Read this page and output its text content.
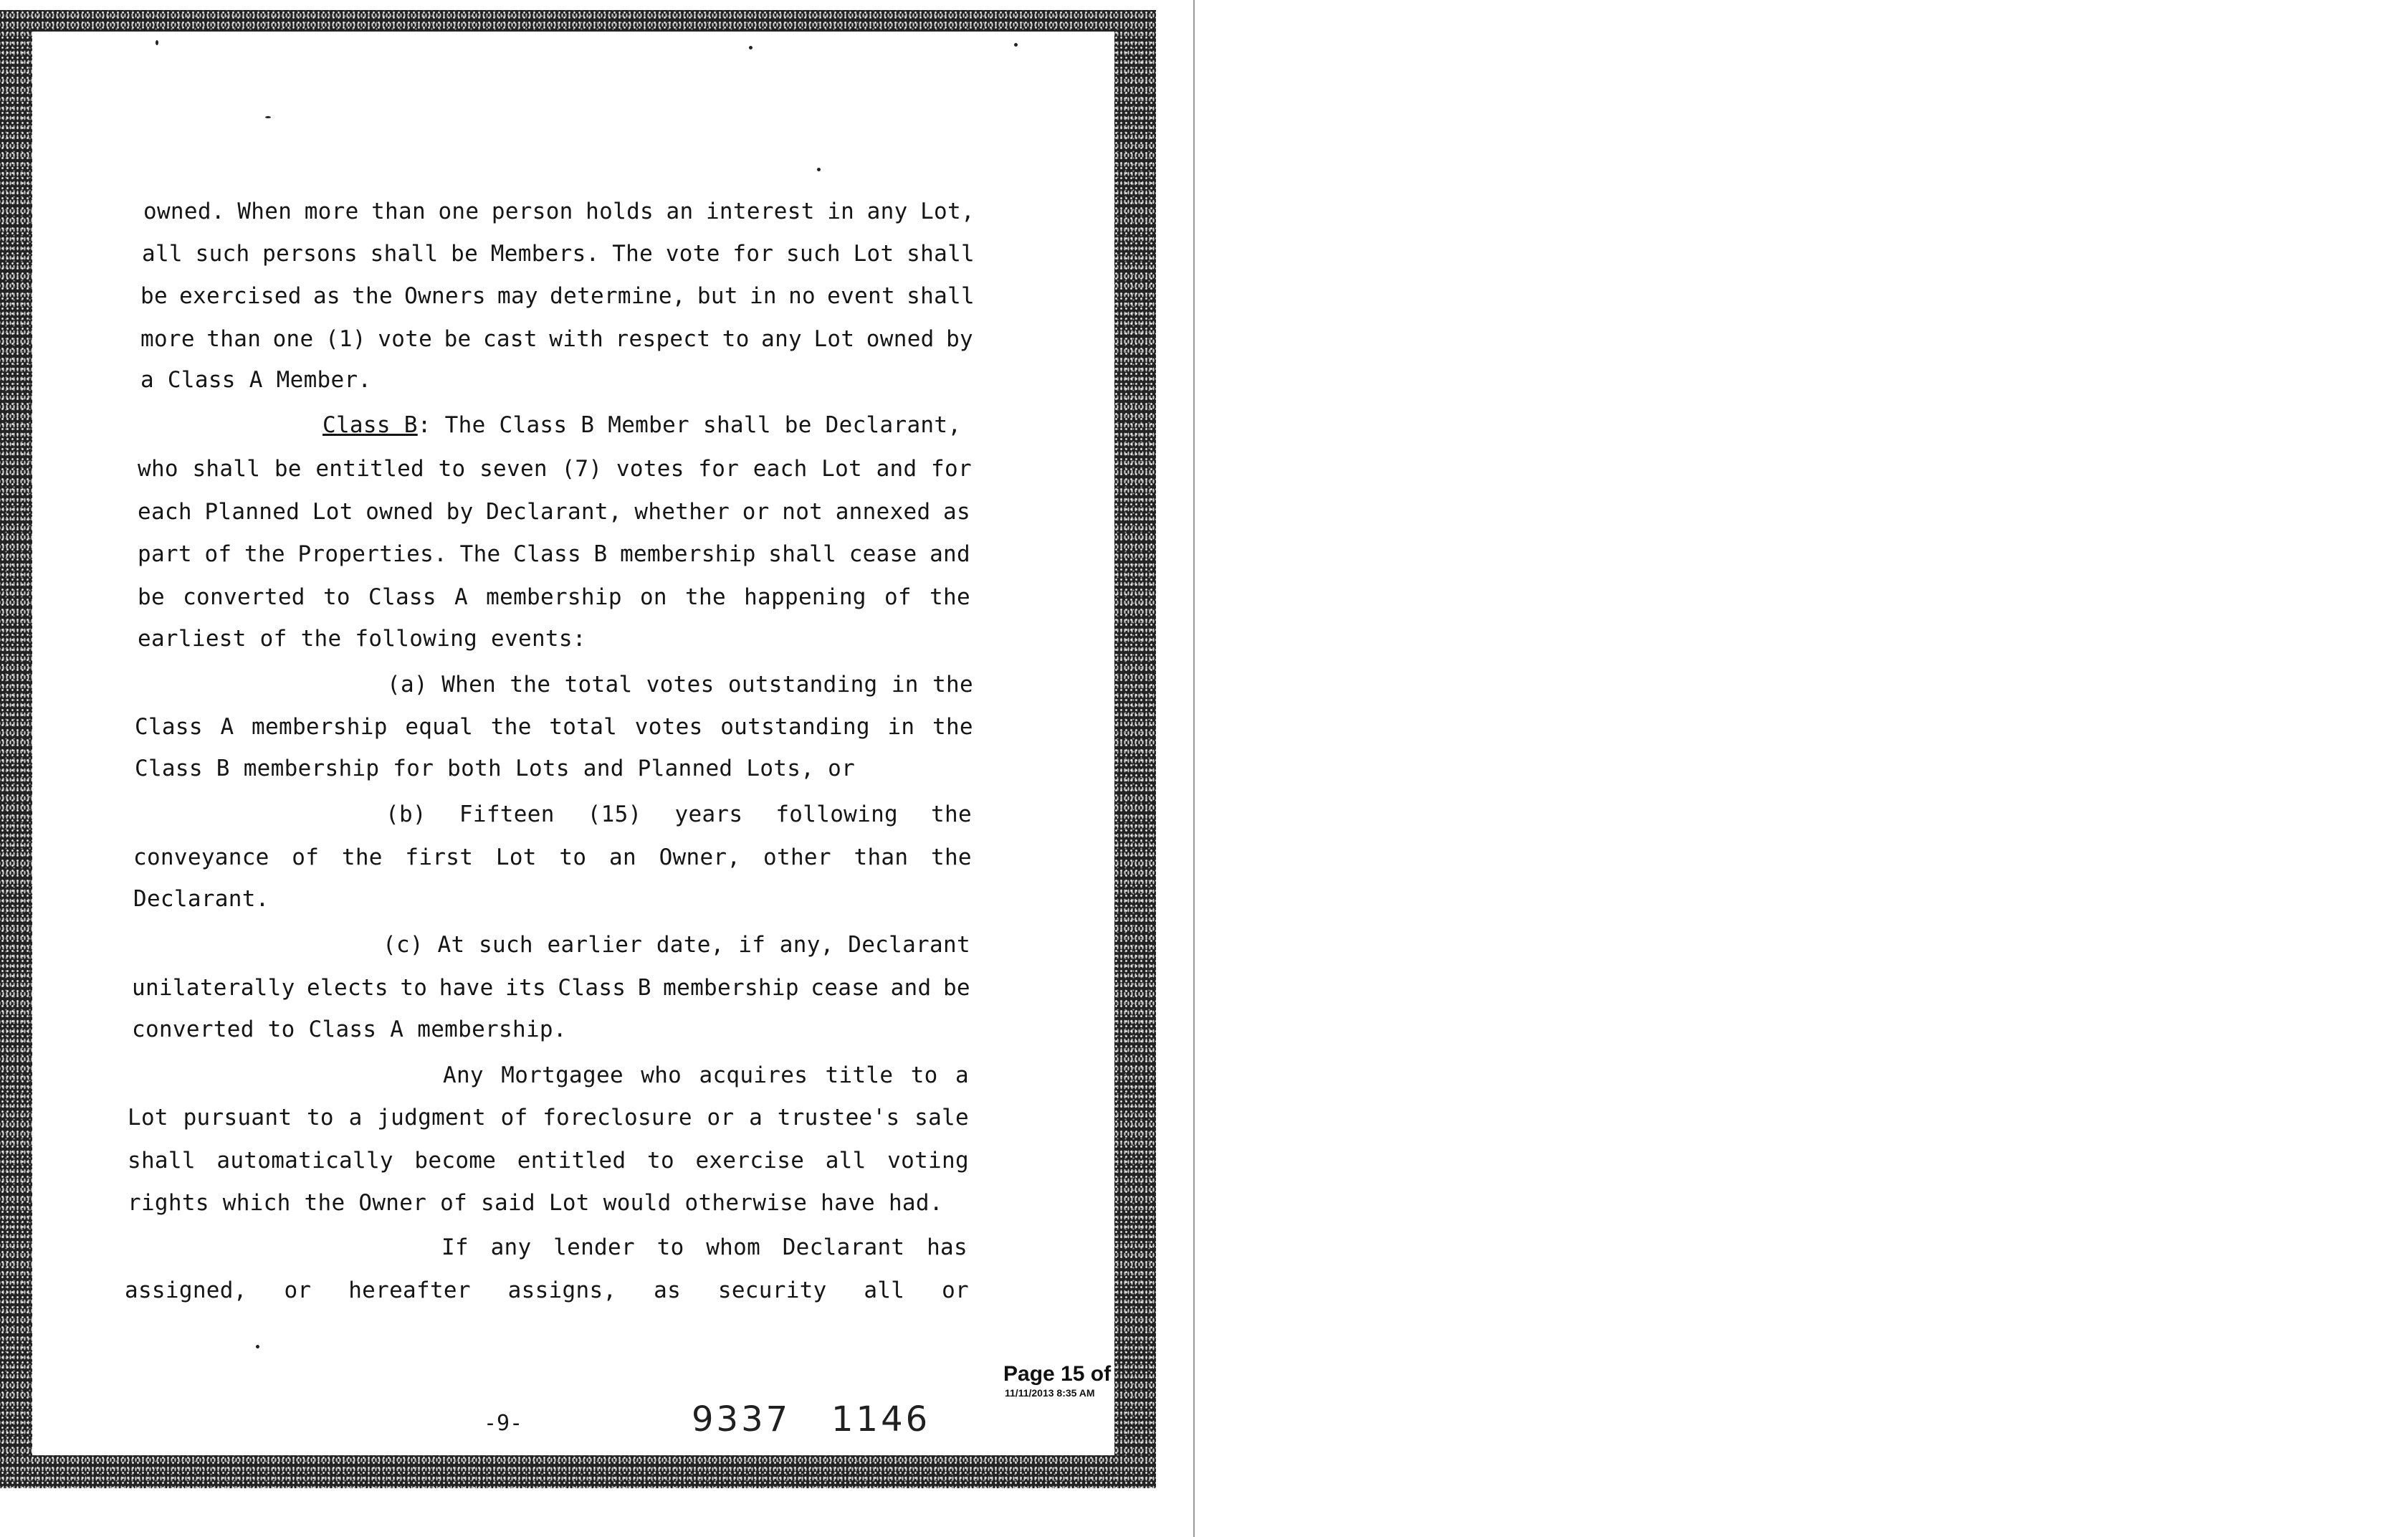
owned. When more than one person holds an interest in any Lot,
all such persons shall be Members. The vote for such Lot shall
be exercised as the Owners may determine, but in no event shall
more than one (1) vote be cast with respect to any Lot owned by
a Class A Member.
Class B: The Class B Member shall be Declarant,
who shall be entitled to seven (7) votes for each Lot and for
each Planned Lot owned by Declarant, whether or not annexed as
part of the Properties. The Class B membership shall cease and
be converted to Class A membership on the happening of the
earliest of the following events:
(a) When the total votes outstanding in the
Class A membership equal the total votes outstanding in the
Class B membership for both Lots and Planned Lots, or
(b) Fifteen (15) years following the
conveyance of the first Lot to an Owner, other than the
Declarant.
(c) At such earlier date, if any, Declarant
unilaterally elects to have its Class B membership cease and be
converted to Class A membership.
Any Mortgagee who acquires title to a
Lot pursuant to a judgment of foreclosure or a trustee's sale
shall automatically become entitled to exercise all voting
rights which the Owner of said Lot would otherwise have had.
If any lender to whom Declarant has
assigned, or hereafter assigns, as security all or
-9-	9337 1146
Page 15 of
11/11/2013 8:35 AM
